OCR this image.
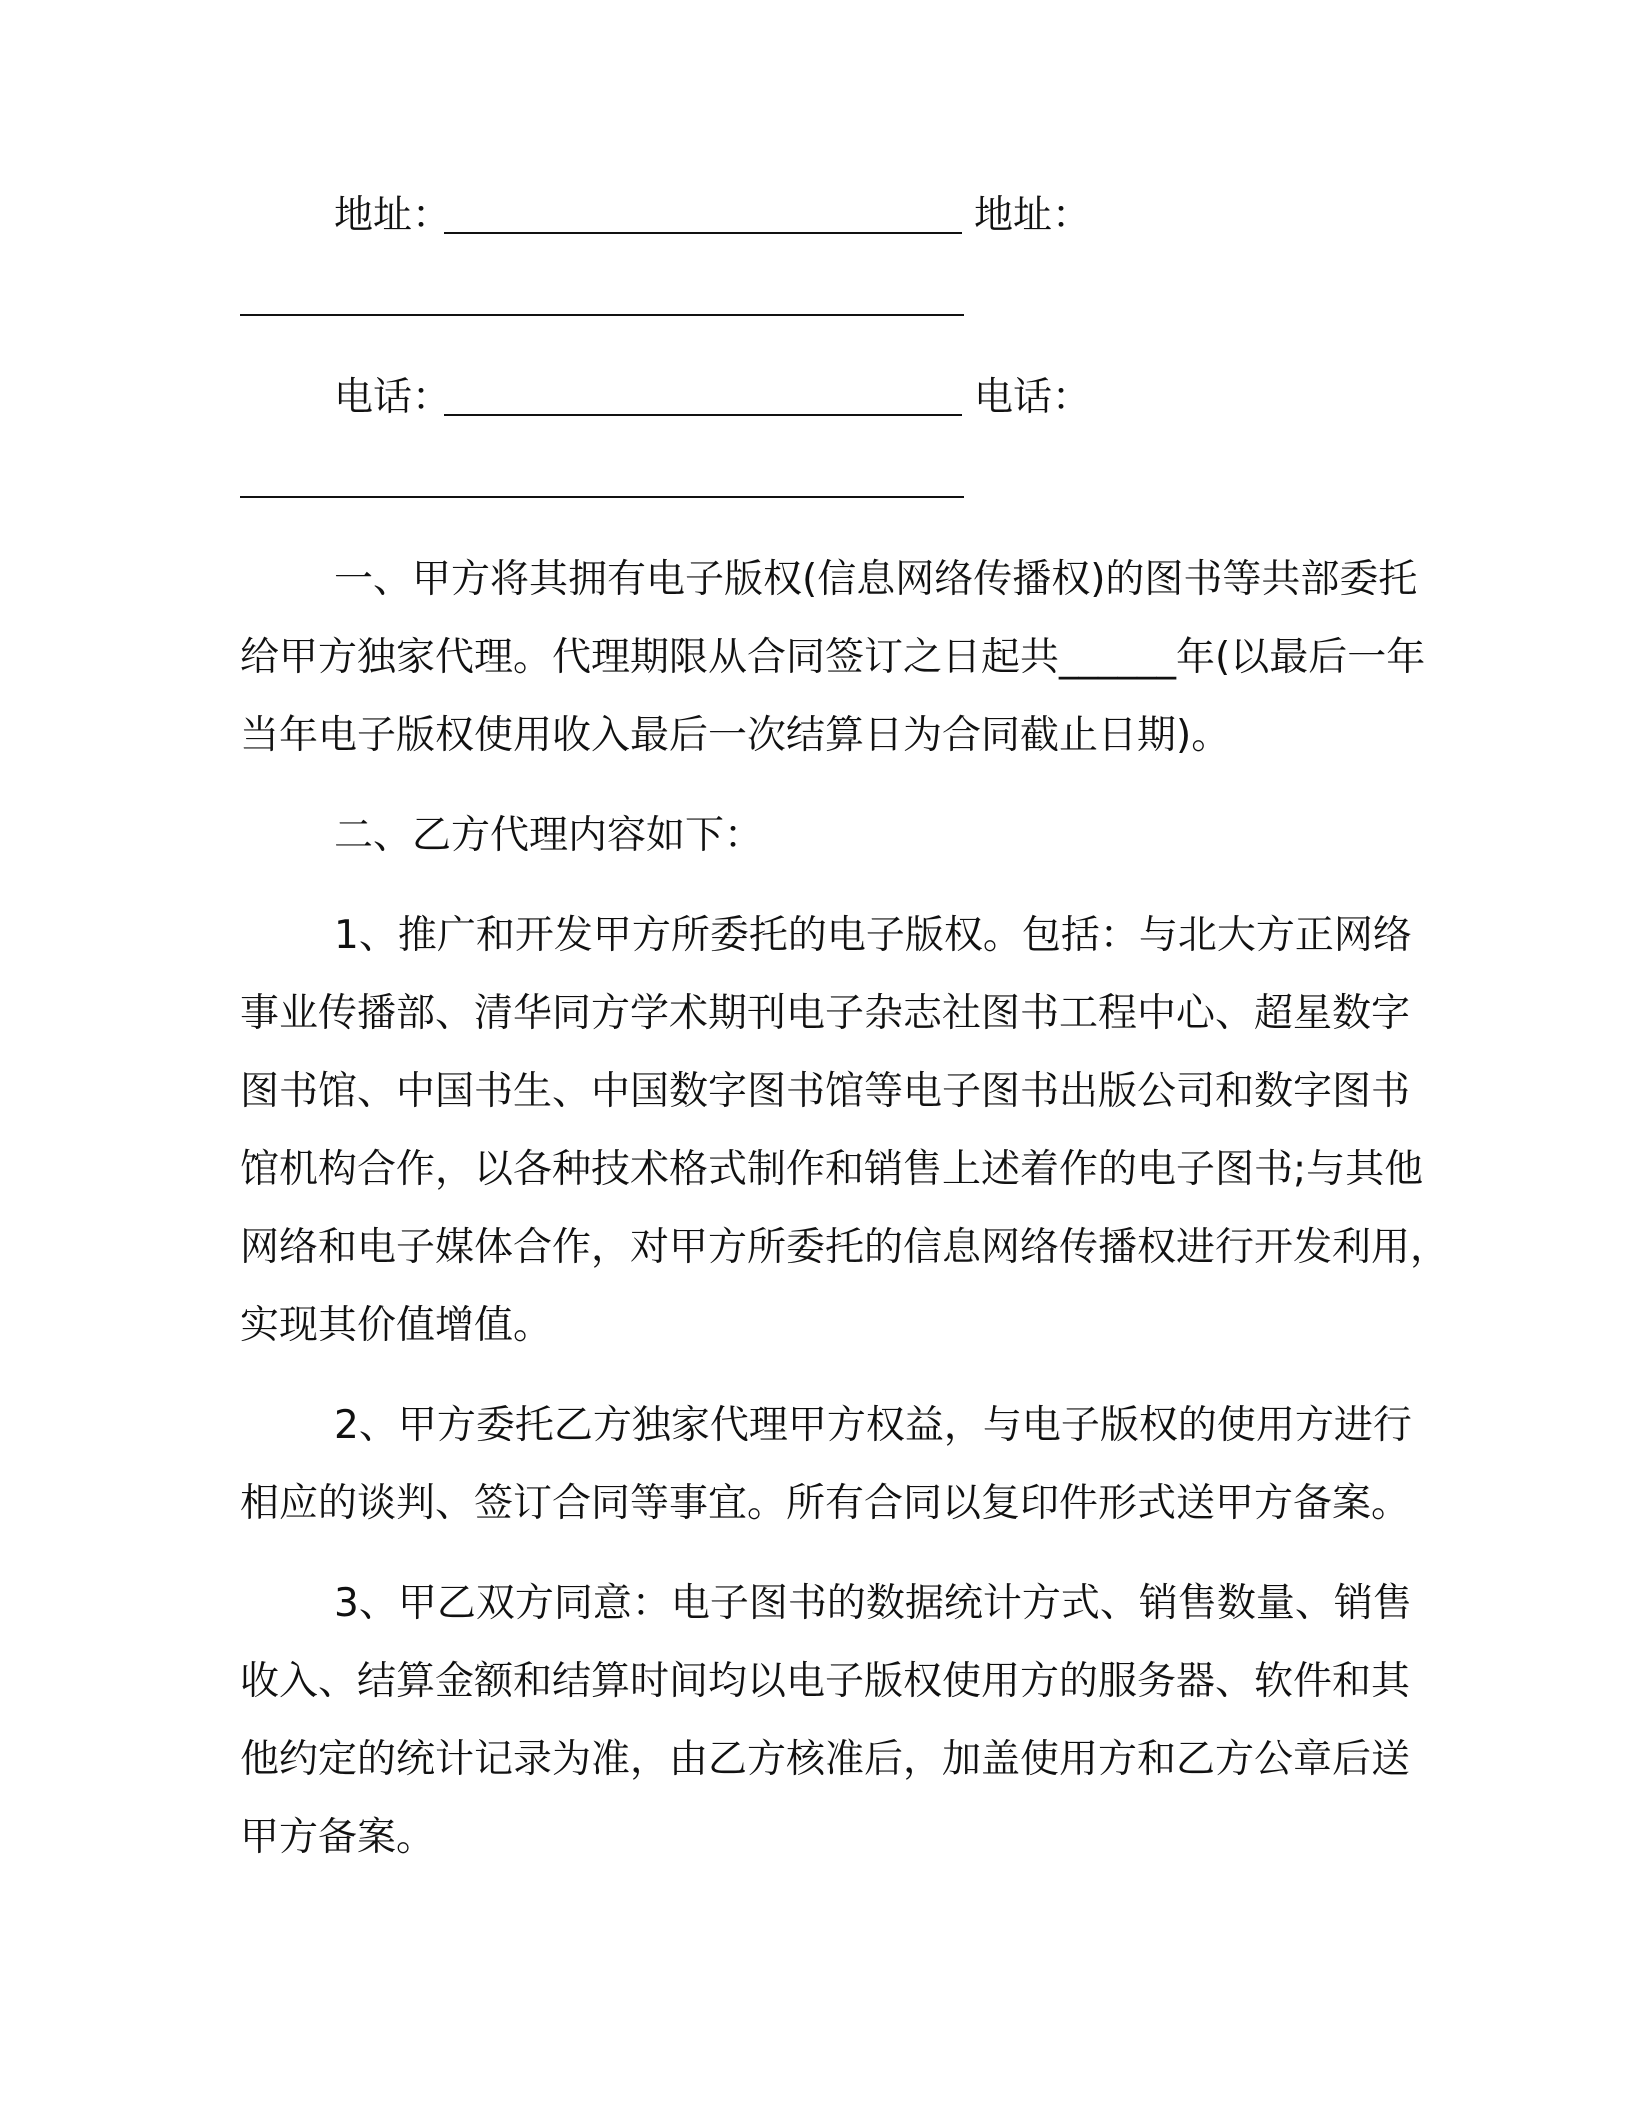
地址：	地址：
电话：	电话：
一、甲方将其拥有电子版权(信息网络传播权)的图书等共部委托
给甲方独家代理。代理期限从合同签订之日起共______年(以最后一年
当年电子版权使用收入最后一次结算日为合同截止日期)。
二、乙方代理内容如下：
1、推广和开发甲方所委托的电子版权。包括：与北大方正网络
事业传播部、清华同方学术期刊电子杂志社图书工程中心、超星数字
图书馆、中国书生、中国数字图书馆等电子图书出版公司和数字图书
馆机构合作，以各种技术格式制作和销售上述着作的电子图书;与其他
网络和电子媒体合作，对甲方所委托的信息网络传播权进行开发利用，
实现其价值增值。
2、甲方委托乙方独家代理甲方权益，与电子版权的使用方进行
相应的谈判、签订合同等事宜。所有合同以复印件形式送甲方备案。
3、甲乙双方同意：电子图书的数据统计方式、销售数量、销售
收入、结算金额和结算时间均以电子版权使用方的服务器、软件和其
他约定的统计记录为准，由乙方核准后，加盖使用方和乙方公章后送
甲方备案。
